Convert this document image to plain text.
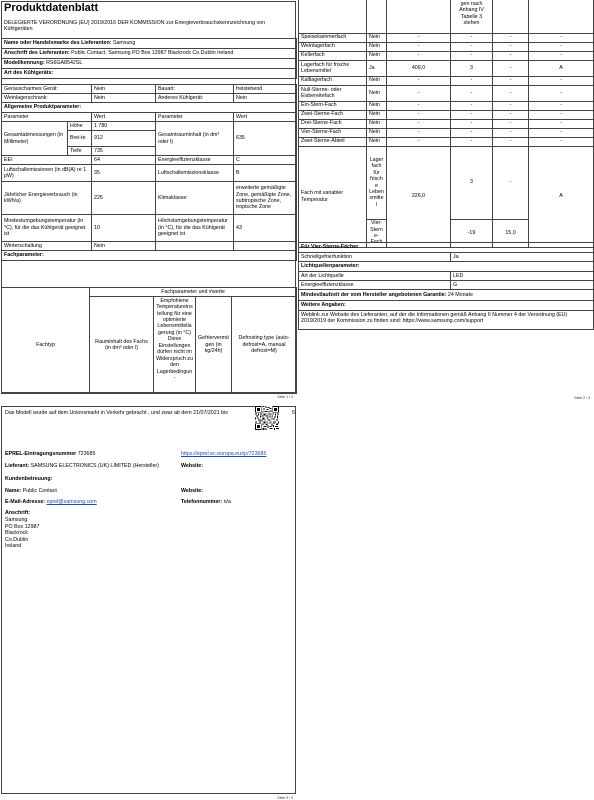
Produktdatenblatt
DELEGIERTE VERORDNUNG (EU) 2019/2016 DER KOMMISSION zur Energieverbrauchskennzeichnung von Kühlgeräten
Name oder Handelsmarke des Lieferanten: Samsung
Anschrift des Lieferanten: Public Contact, Samsung PO Box 12987 Blackrock Co.Dublin Ireland
Modellkennung: RS6GA8542SL
Art des Kühlgeräts:
Geräuscharmes Gerät:	Nein	Bauart:	freistehend
Weinlagerschrank:	Nein	Anderes Kühlgerät:	Nein
Allgemeine Produktparameter:				
Parameter		Wert	Parameter	Wert
Gesamtabmessungen (in Millimeter)	Höhe	1 780	Gesamtrauminhalt (in dm³ oder l)	635
	Brei-te	912		
	Tiefe	735		
EEI		64	Energieeffizienzklasse	C
Luftschallemissionen (in dB(A) re 1 pW)		35	Luftschallemissionsklasse	B
Jährlicher Energieverbrauch (in kWh/a)		225	Klimaklasse:	erweiterte gemäßigte Zone, gemäßigte Zone, subtropische Zone, tropische Zone
Mindestumgebungstemperatur (in °C), für die das Kühlgerät geeignet ist		10	Höchstumgebungstemperatur (in °C), für die das Kühlgerät geeignet ist	43
Winterschaltung		Nein		
Fachparameter:				
	Fachparameter und #werte			
Fachtyp	Rauminhalt des Fachs (in dm³ oder l)	Empfohlene Temperatureinstellung für eine optimierte Lebensmittellagerung (in °C) Diese Einstellungen dürfen nicht im Widerspruch zu den Lagerbedingun-	Gefriervermögen (in kg/24h)	Defrosting type (auto-defrost=A, manual defrost=M)
Seite 1 / 3
			gen nach Anhang IV Tabelle 3 stehen		
Speisekammerfach	Nein	-	-	-	-
Weinlagerfach	Nein	-	-	-	-
Kellerfach	Nein	-	-	-	-
Lagerfach für frische Lebensmittel	Ja	409,0	3	-	A
Kaltlagerfach	Nein	-	-	-	-
Null-Sterne- oder Eisbereitefach	Nein	-	-	-	-
Ein-Stern-Fach	Nein	-	-	-	-
Zwei-Sterne-Fach	Nein	-	-	-	-
Drei-Sterne-Fach	Nein	-	-	-	-
Vier-Sterne-Fach	Nein	-	-	-	-
Zwei-Sterne-Abteil	Nein	-	-	-	-
Fach mit variabler Temperatur	Lagerfach für frische Lebensmittel	226,0	3	-	A
	Vier-Sterne-Fach		-19	15,0	
Für Vier-Sterne-Fächer	
Schnellgefrierfunktion	Ja
Lichtquellenparameter:	
Art der Lichtquelle	LED
Energieeffizienzklasse	G
Mindestlaufzeit der vom Hersteller angebotenen Garantie: 24 Monate	
Weitere Angaben:	
Weblink zur Website des Lieferanten, auf der die Informationen gemäß Anhang II Nummer 4 der Verordnung (EU) 2019/2019 der Kommission zu finden sind: https://www.samsung.com/support	
Seite 2 / 3
Das Modell wurde auf dem Unionsmarkt in Verkehr gebracht , und zwar ab dem 21/07/2021 bis	5
EPREL-Eintragungsnummer 723685	https://eprel.ec.europa.eu/qr/723685
Lieferant: SAMSUNG ELECTRONICS (UK) LIMITED (Hersteller)	Website:
Kundenbetreuung:
Name: Public Contact	Website:
E-Mail-Adresse: eprel@samsung.com	Telefonnummer: n/a
Anschrift:
Samsung
PO Box 12987
Blackrock
Co.Dublin
Ireland
Seite 3 / 3
